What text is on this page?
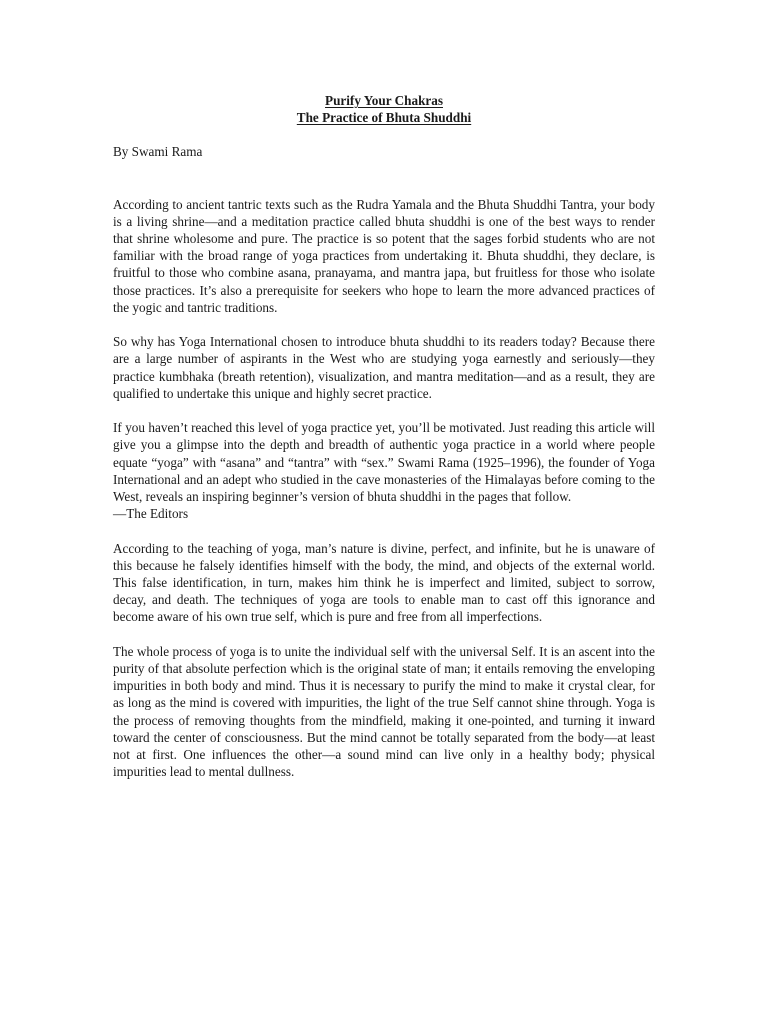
Purify Your Chakras
The Practice of Bhuta Shuddhi
By Swami Rama

According to ancient tantric texts such as the Rudra Yamala and the Bhuta Shuddhi Tantra, your body is a living shrine—and a meditation practice called bhuta shuddhi is one of the best ways to render that shrine wholesome and pure. The practice is so potent that the sages forbid students who are not familiar with the broad range of yoga practices from undertaking it. Bhuta shuddhi, they declare, is fruitful to those who combine asana, pranayama, and mantra japa, but fruitless for those who isolate those practices. It’s also a prerequisite for seekers who hope to learn the more advanced practices of the yogic and tantric traditions.

So why has Yoga International chosen to introduce bhuta shuddhi to its readers today? Because there are a large number of aspirants in the West who are studying yoga earnestly and seriously—they practice kumbhaka (breath retention), visualization, and mantra meditation—and as a result, they are qualified to undertake this unique and highly secret practice.

If you haven’t reached this level of yoga practice yet, you’ll be motivated. Just reading this article will give you a glimpse into the depth and breadth of authentic yoga practice in a world where people equate “yoga” with “asana” and “tantra” with “sex.” Swami Rama (1925–1996), the founder of Yoga International and an adept who studied in the cave monasteries of the Himalayas before coming to the West, reveals an inspiring beginner’s version of bhuta shuddhi in the pages that follow.
—The Editors

According to the teaching of yoga, man’s nature is divine, perfect, and infinite, but he is unaware of this because he falsely identifies himself with the body, the mind, and objects of the external world. This false identification, in turn, makes him think he is imperfect and limited, subject to sorrow, decay, and death. The techniques of yoga are tools to enable man to cast off this ignorance and become aware of his own true self, which is pure and free from all imperfections.

The whole process of yoga is to unite the individual self with the universal Self. It is an ascent into the purity of that absolute perfection which is the original state of man; it entails removing the enveloping impurities in both body and mind. Thus it is necessary to purify the mind to make it crystal clear, for as long as the mind is covered with impurities, the light of the true Self cannot shine through. Yoga is the process of removing thoughts from the mindfield, making it one-pointed, and turning it inward toward the center of consciousness. But the mind cannot be totally separated from the body—at least not at first. One influences the other—a sound mind can live only in a healthy body; physical impurities lead to mental dullness.
